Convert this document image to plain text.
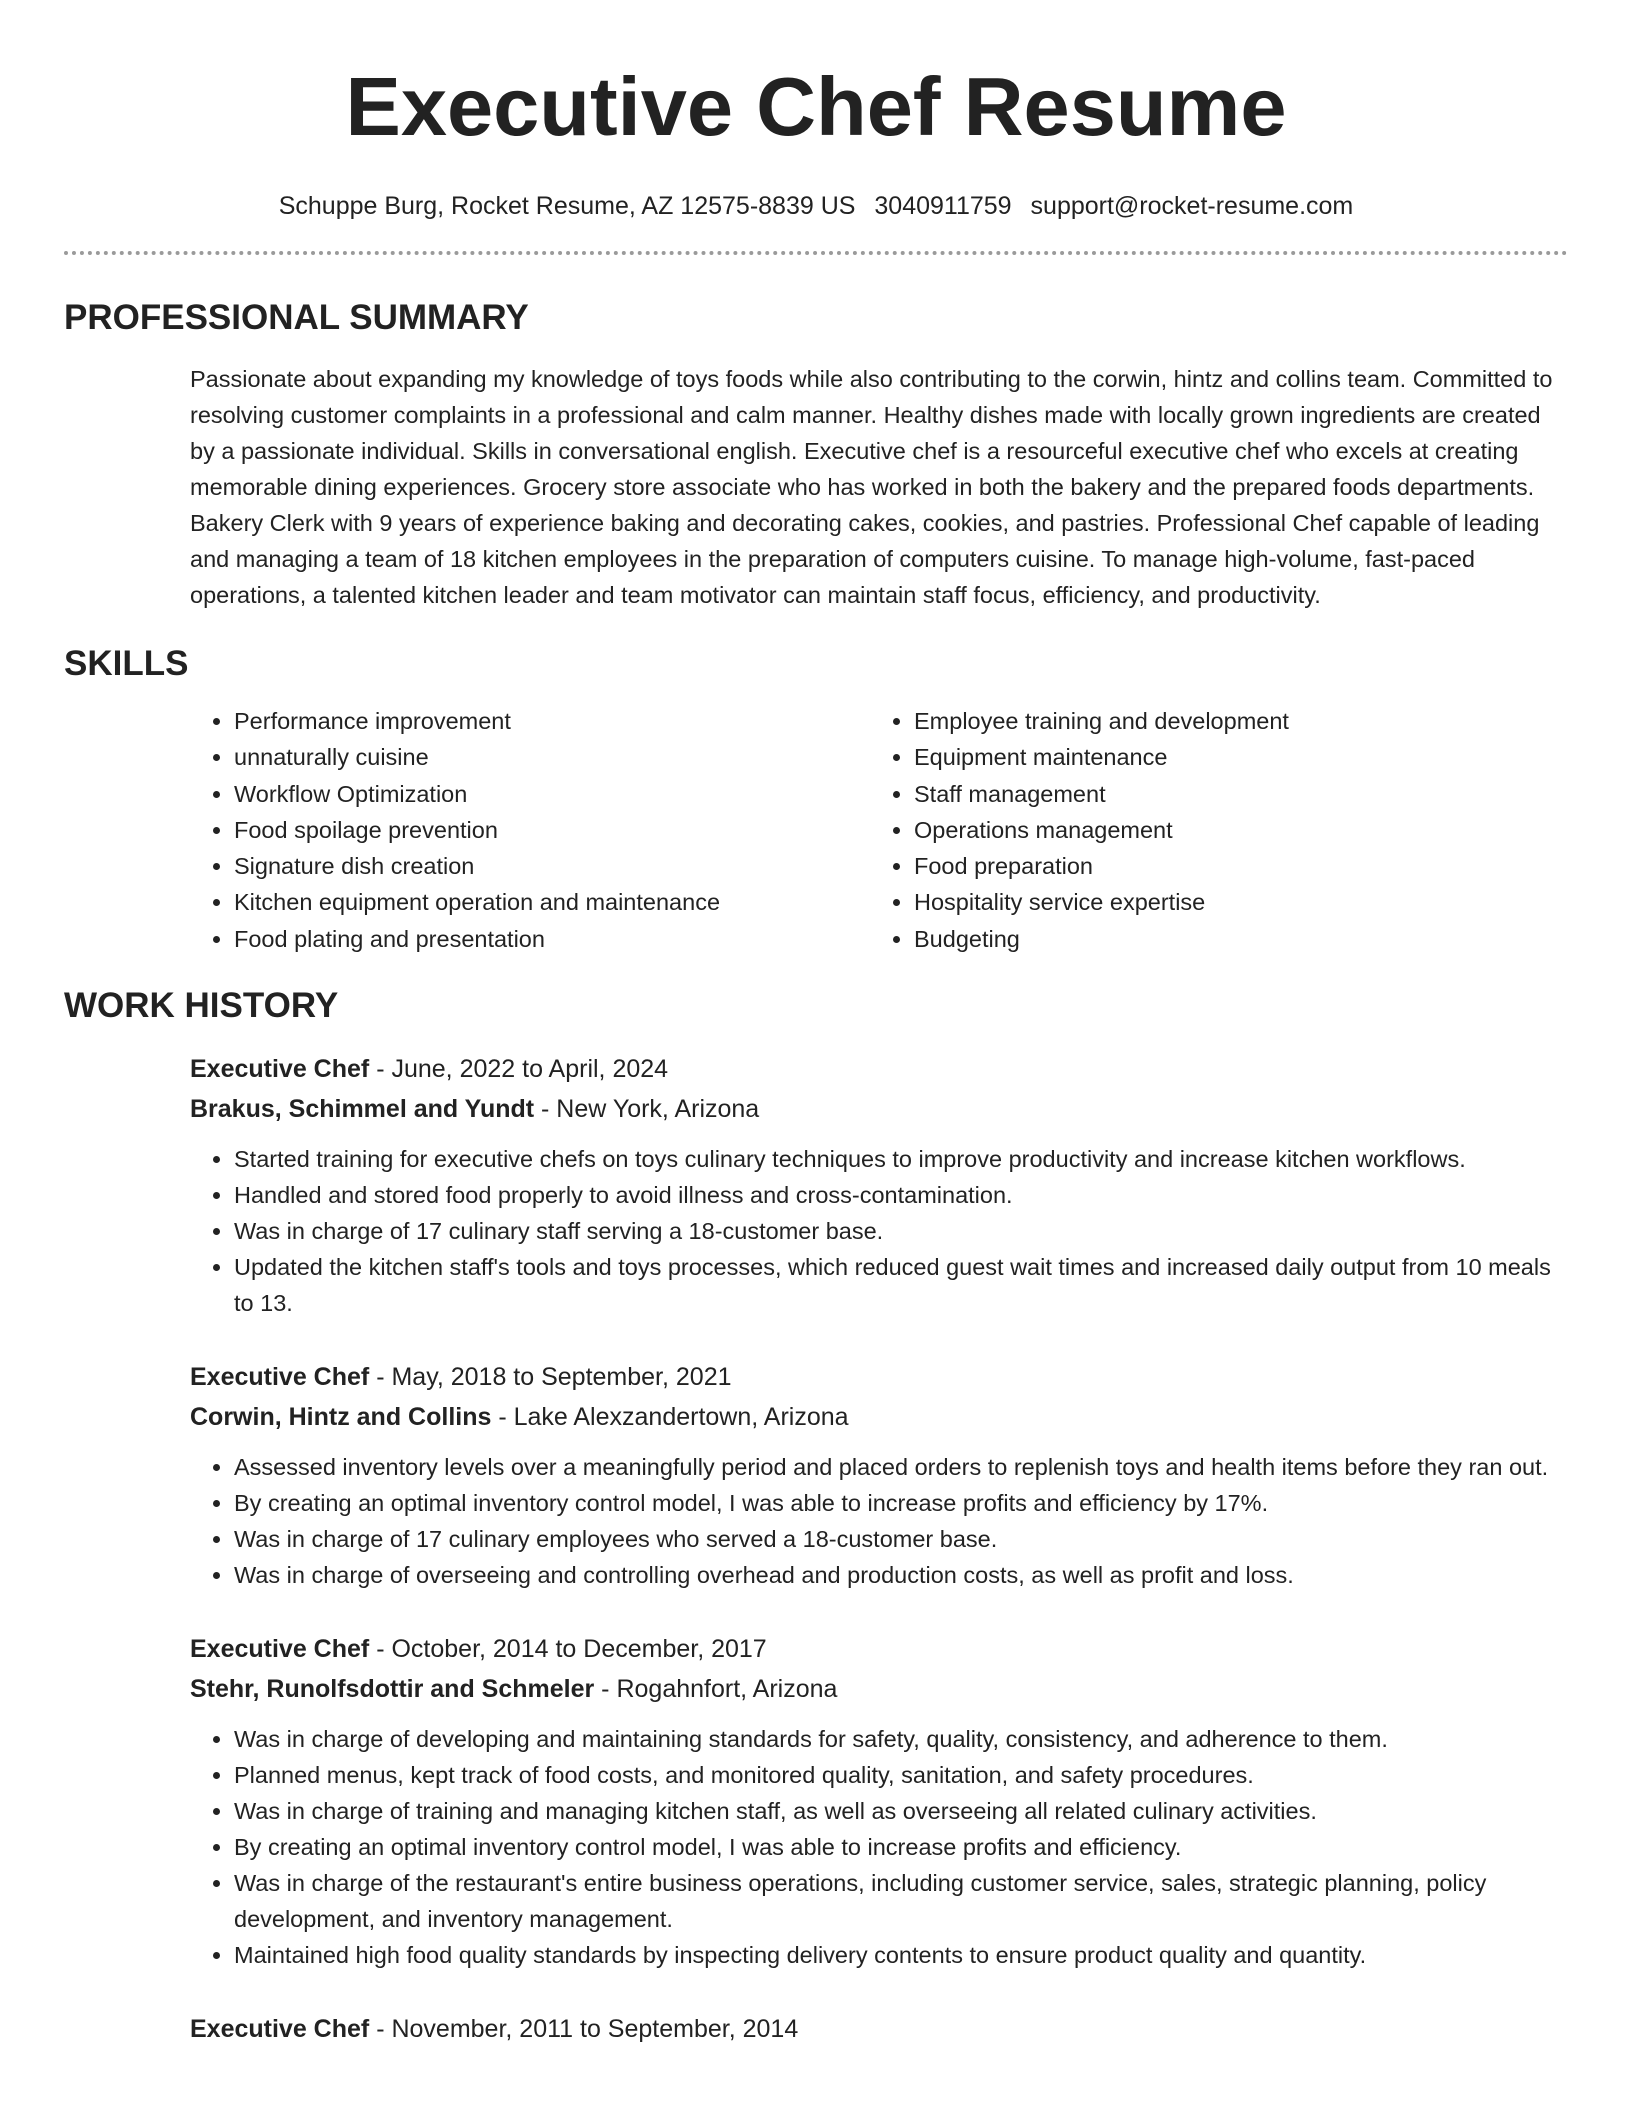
Executive Chef Resume
Schuppe Burg, Rocket Resume, AZ 12575-8839 US 3040911759 support@rocket-resume.com
PROFESSIONAL SUMMARY
Passionate about expanding my knowledge of toys foods while also contributing to the corwin, hintz and collins team. Committed to resolving customer complaints in a professional and calm manner. Healthy dishes made with locally grown ingredients are created by a passionate individual. Skills in conversational english. Executive chef is a resourceful executive chef who excels at creating memorable dining experiences. Grocery store associate who has worked in both the bakery and the prepared foods departments. Bakery Clerk with 9 years of experience baking and decorating cakes, cookies, and pastries. Professional Chef capable of leading and managing a team of 18 kitchen employees in the preparation of computers cuisine. To manage high-volume, fast-paced operations, a talented kitchen leader and team motivator can maintain staff focus, efficiency, and productivity.
SKILLS
• Performance improvement
• unnaturally cuisine
• Workflow Optimization
• Food spoilage prevention
• Signature dish creation
• Kitchen equipment operation and maintenance
• Food plating and presentation
• Employee training and development
• Equipment maintenance
• Staff management
• Operations management
• Food preparation
• Hospitality service expertise
• Budgeting
WORK HISTORY
Executive Chef - June, 2022 to April, 2024
Brakus, Schimmel and Yundt - New York, Arizona
• Started training for executive chefs on toys culinary techniques to improve productivity and increase kitchen workflows.
• Handled and stored food properly to avoid illness and cross-contamination.
• Was in charge of 17 culinary staff serving a 18-customer base.
• Updated the kitchen staff's tools and toys processes, which reduced guest wait times and increased daily output from 10 meals to 13.
Executive Chef - May, 2018 to September, 2021
Corwin, Hintz and Collins - Lake Alexzandertown, Arizona
• Assessed inventory levels over a meaningfully period and placed orders to replenish toys and health items before they ran out.
• By creating an optimal inventory control model, I was able to increase profits and efficiency by 17%.
• Was in charge of 17 culinary employees who served a 18-customer base.
• Was in charge of overseeing and controlling overhead and production costs, as well as profit and loss.
Executive Chef - October, 2014 to December, 2017
Stehr, Runolfsdottir and Schmeler - Rogahnfort, Arizona
• Was in charge of developing and maintaining standards for safety, quality, consistency, and adherence to them.
• Planned menus, kept track of food costs, and monitored quality, sanitation, and safety procedures.
• Was in charge of training and managing kitchen staff, as well as overseeing all related culinary activities.
• By creating an optimal inventory control model, I was able to increase profits and efficiency.
• Was in charge of the restaurant's entire business operations, including customer service, sales, strategic planning, policy development, and inventory management.
• Maintained high food quality standards by inspecting delivery contents to ensure product quality and quantity.
Executive Chef - November, 2011 to September, 2014
